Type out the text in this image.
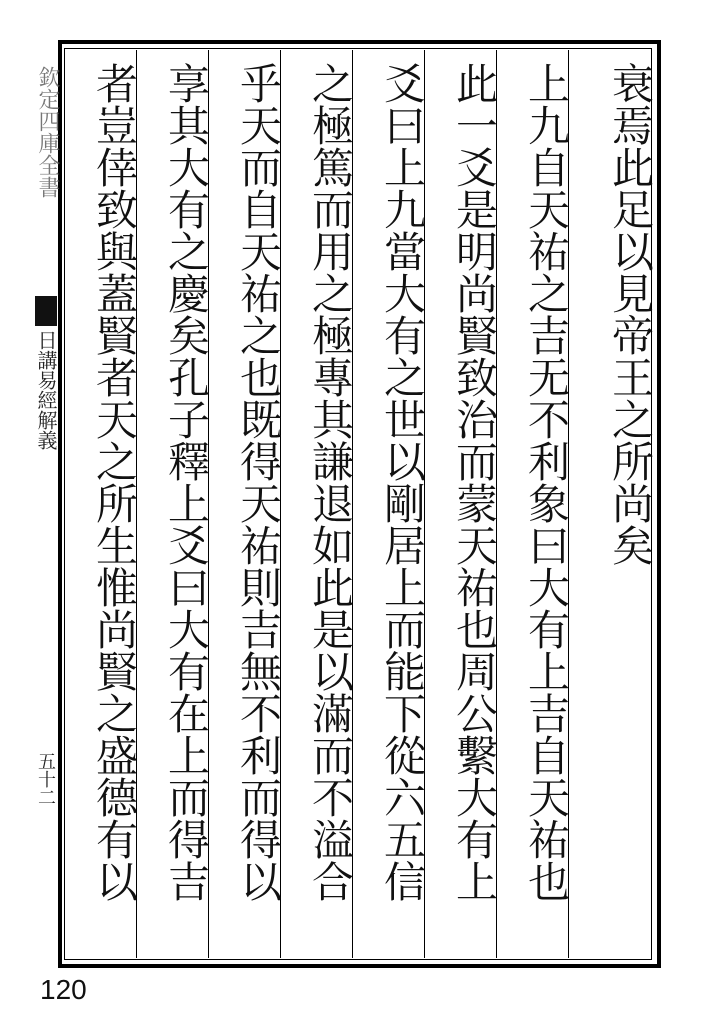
欽定四庫全書
日講易經解義
五十二
衰焉此足以見帝王之所尚矣
上九自天祐之吉无不利象曰大有上吉自天祐也
此一爻是明尚賢致治而蒙天祐也周公繫大有上
爻曰上九當大有之世以剛居上而能下從六五信
之極篤而用之極專其謙退如此是以滿而不溢合
乎天而自天祐之也既得天祐則吉無不利而得以
享其大有之慶矣孔子釋上爻曰大有在上而得吉
者豈倖致與蓋賢者天之所生惟尚賢之盛德有以
120
